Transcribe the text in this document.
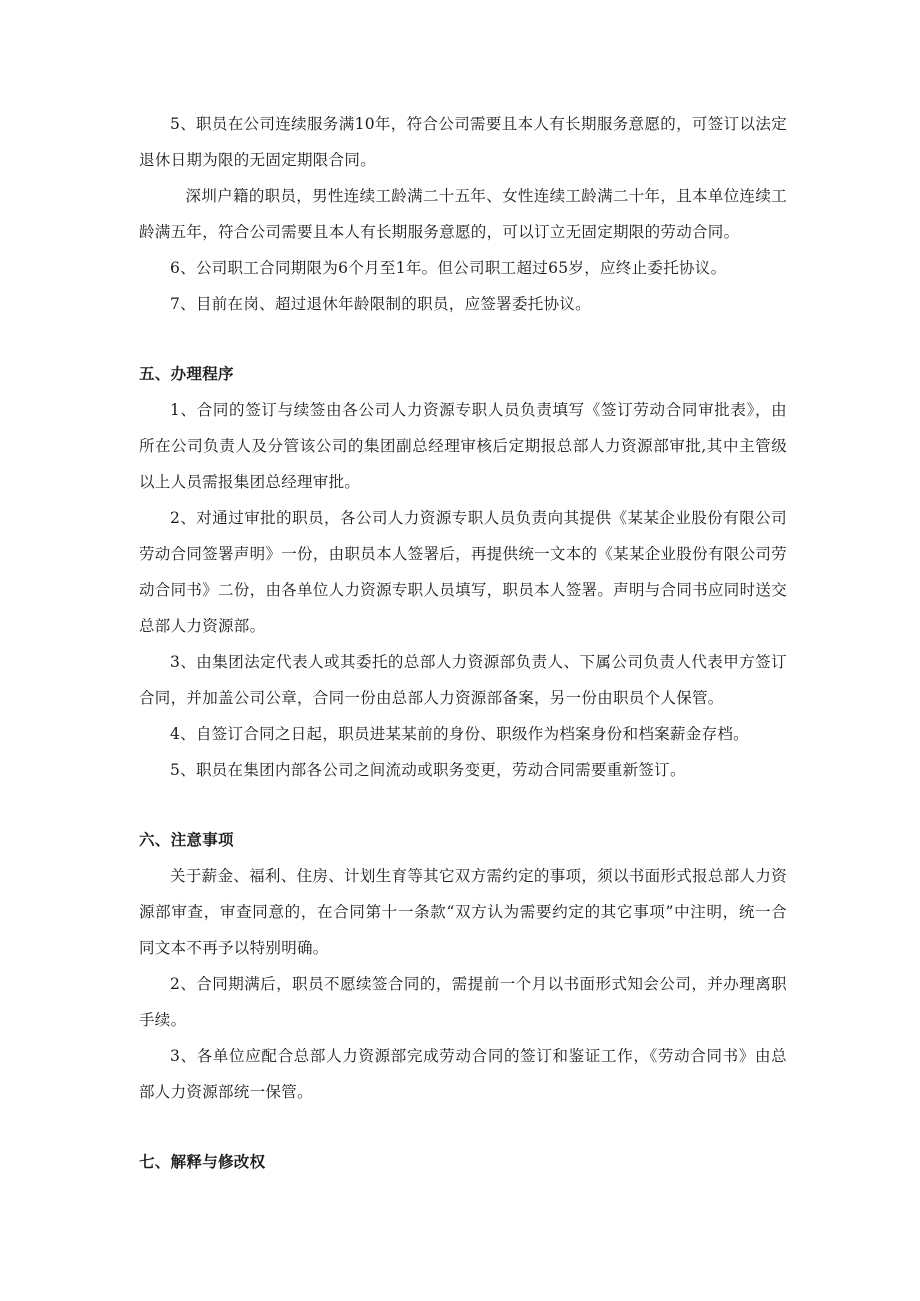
5、职员在公司连续服务满10年，符合公司需要且本人有长期服务意愿的，可签订以法定退休日期为限的无固定期限合同。

深圳户籍的职员，男性连续工龄满二十五年、女性连续工龄满二十年，且本单位连续工龄满五年，符合公司需要且本人有长期服务意愿的，可以订立无固定期限的劳动合同。

6、公司职工合同期限为6个月至1年。但公司职工超过65岁，应终止委托协议。

7、目前在岗、超过退休年龄限制的职员，应签署委托协议。

五、办理程序

1、合同的签订与续签由各公司人力资源专职人员负责填写《签订劳动合同审批表》，由所在公司负责人及分管该公司的集团副总经理审核后定期报总部人力资源部审批,其中主管级以上人员需报集团总经理审批。

2、对通过审批的职员，各公司人力资源专职人员负责向其提供《某某企业股份有限公司劳动合同签署声明》一份，由职员本人签署后，再提供统一文本的《某某企业股份有限公司劳动合同书》二份，由各单位人力资源专职人员填写，职员本人签署。声明与合同书应同时送交总部人力资源部。

3、由集团法定代表人或其委托的总部人力资源部负责人、下属公司负责人代表甲方签订合同，并加盖公司公章，合同一份由总部人力资源部备案，另一份由职员个人保管。

4、自签订合同之日起，职员进某某前的身份、职级作为档案身份和档案薪金存档。

5、职员在集团内部各公司之间流动或职务变更，劳动合同需要重新签订。

六、注意事项

关于薪金、福利、住房、计划生育等其它双方需约定的事项，须以书面形式报总部人力资源部审查，审查同意的，在合同第十一条款“双方认为需要约定的其它事项”中注明，统一合同文本不再予以特别明确。

2、合同期满后，职员不愿续签合同的，需提前一个月以书面形式知会公司，并办理离职手续。

3、各单位应配合总部人力资源部完成劳动合同的签订和鉴证工作，《劳动合同书》由总部人力资源部统一保管。

七、解释与修改权
